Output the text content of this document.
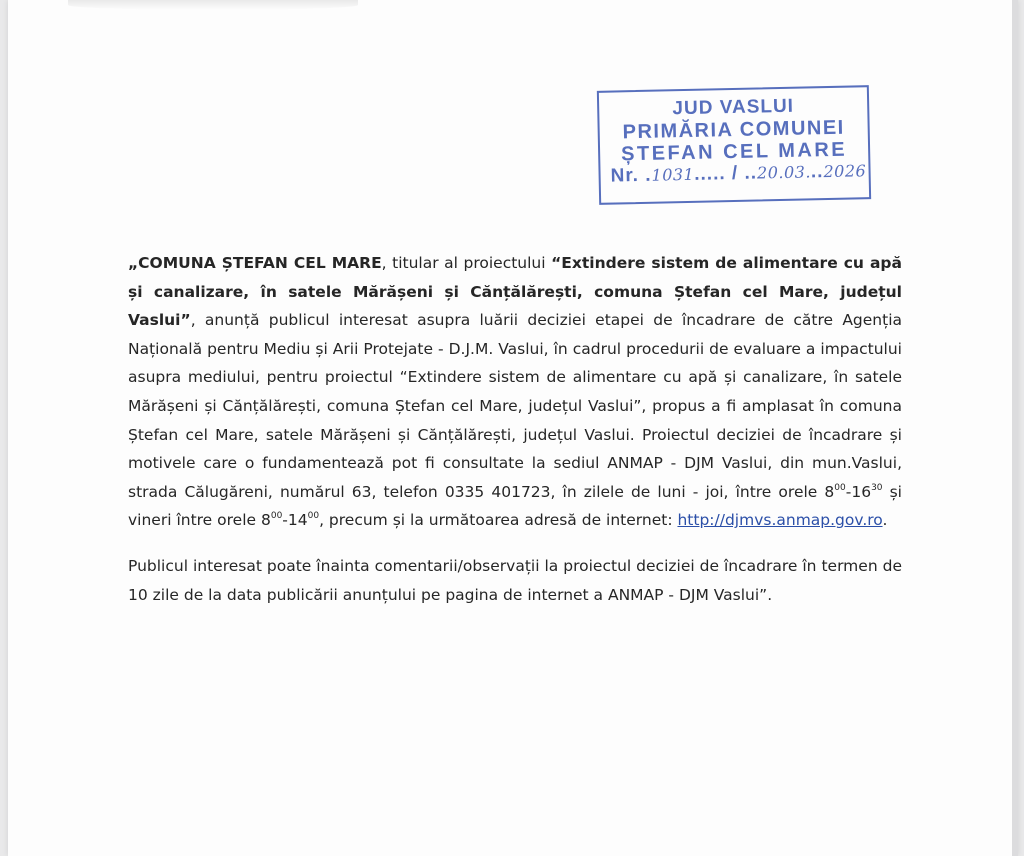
JUD VASLUI
PRIMĂRIA COMUNEI
ȘTEFAN CEL MARE
Nr. .1031..... / ..20.03...2026

„COMUNA ȘTEFAN CEL MARE, titular al proiectului “Extindere sistem de alimentare cu apă și canalizare, în satele Mărășeni și Cănțălărești, comuna Ștefan cel Mare, județul Vaslui”, anunță publicul interesat asupra luării deciziei etapei de încadrare de către Agenția Națională pentru Mediu și Arii Protejate - D.J.M. Vaslui, în cadrul procedurii de evaluare a impactului asupra mediului, pentru proiectul “Extindere sistem de alimentare cu apă și canalizare, în satele Mărășeni și Cănțălărești, comuna Ștefan cel Mare, județul Vaslui”, propus a fi amplasat în comuna Ștefan cel Mare, satele Mărășeni și Cănțălărești, județul Vaslui. Proiectul deciziei de încadrare și motivele care o fundamentează pot fi consultate la sediul ANMAP - DJM Vaslui, din mun.Vaslui, strada Călugăreni, numărul 63, telefon 0335 401723, în zilele de luni - joi, între orele $8^{00}-16^{30}$ și vineri între orele $8^{00}-14^{00}$, precum și la următoarea adresă de internet: http://djmvs.anmap.gov.ro.

Publicul interesat poate înainta comentarii/observații la proiectul deciziei de încadrare în termen de 10 zile de la data publicării anunțului pe pagina de internet a ANMAP - DJM Vaslui”.
